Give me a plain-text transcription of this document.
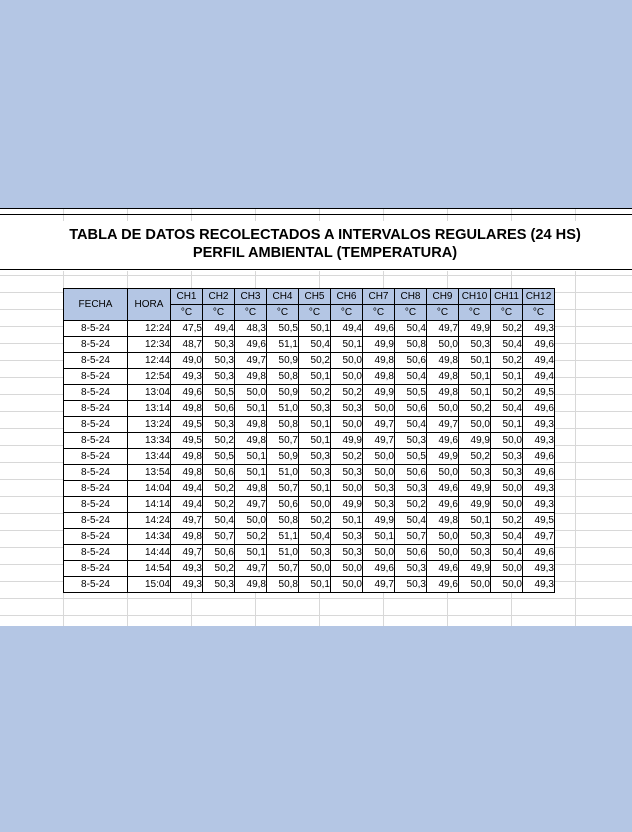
TABLA DE DATOS RECOLECTADOS A INTERVALOS REGULARES (24 HS)
PERFIL AMBIENTAL (TEMPERATURA)
FECHA	HORA	CH1	CH2	CH3	CH4	CH5	CH6	CH7	CH8	CH9	CH10	CH11	CH12
		°C	°C	°C	°C	°C	°C	°C	°C	°C	°C	°C	°C
8-5-24	12:24	47,5	49,4	48,3	50,5	50,1	49,4	49,6	50,4	49,7	49,9	50,2	49,3
8-5-24	12:34	48,7	50,3	49,6	51,1	50,4	50,1	49,9	50,8	50,0	50,3	50,4	49,6
8-5-24	12:44	49,0	50,3	49,7	50,9	50,2	50,0	49,8	50,6	49,8	50,1	50,2	49,4
8-5-24	12:54	49,3	50,3	49,8	50,8	50,1	50,0	49,8	50,4	49,8	50,1	50,1	49,4
8-5-24	13:04	49,6	50,5	50,0	50,9	50,2	50,2	49,9	50,5	49,8	50,1	50,2	49,5
8-5-24	13:14	49,8	50,6	50,1	51,0	50,3	50,3	50,0	50,6	50,0	50,2	50,4	49,6
8-5-24	13:24	49,5	50,3	49,8	50,8	50,1	50,0	49,7	50,4	49,7	50,0	50,1	49,3
8-5-24	13:34	49,5	50,2	49,8	50,7	50,1	49,9	49,7	50,3	49,6	49,9	50,0	49,3
8-5-24	13:44	49,8	50,5	50,1	50,9	50,3	50,2	50,0	50,5	49,9	50,2	50,3	49,6
8-5-24	13:54	49,8	50,6	50,1	51,0	50,3	50,3	50,0	50,6	50,0	50,3	50,3	49,6
8-5-24	14:04	49,4	50,2	49,8	50,7	50,1	50,0	50,3	50,3	49,6	49,9	50,0	49,3
8-5-24	14:14	49,4	50,2	49,7	50,6	50,0	49,9	50,3	50,2	49,6	49,9	50,0	49,3
8-5-24	14:24	49,7	50,4	50,0	50,8	50,2	50,1	49,9	50,4	49,8	50,1	50,2	49,5
8-5-24	14:34	49,8	50,7	50,2	51,1	50,4	50,3	50,1	50,7	50,0	50,3	50,4	49,7
8-5-24	14:44	49,7	50,6	50,1	51,0	50,3	50,3	50,0	50,6	50,0	50,3	50,4	49,6
8-5-24	14:54	49,3	50,2	49,7	50,7	50,0	50,0	49,6	50,3	49,6	49,9	50,0	49,3
8-5-24	15:04	49,3	50,3	49,8	50,8	50,1	50,0	49,7	50,3	49,6	50,0	50,0	49,3
